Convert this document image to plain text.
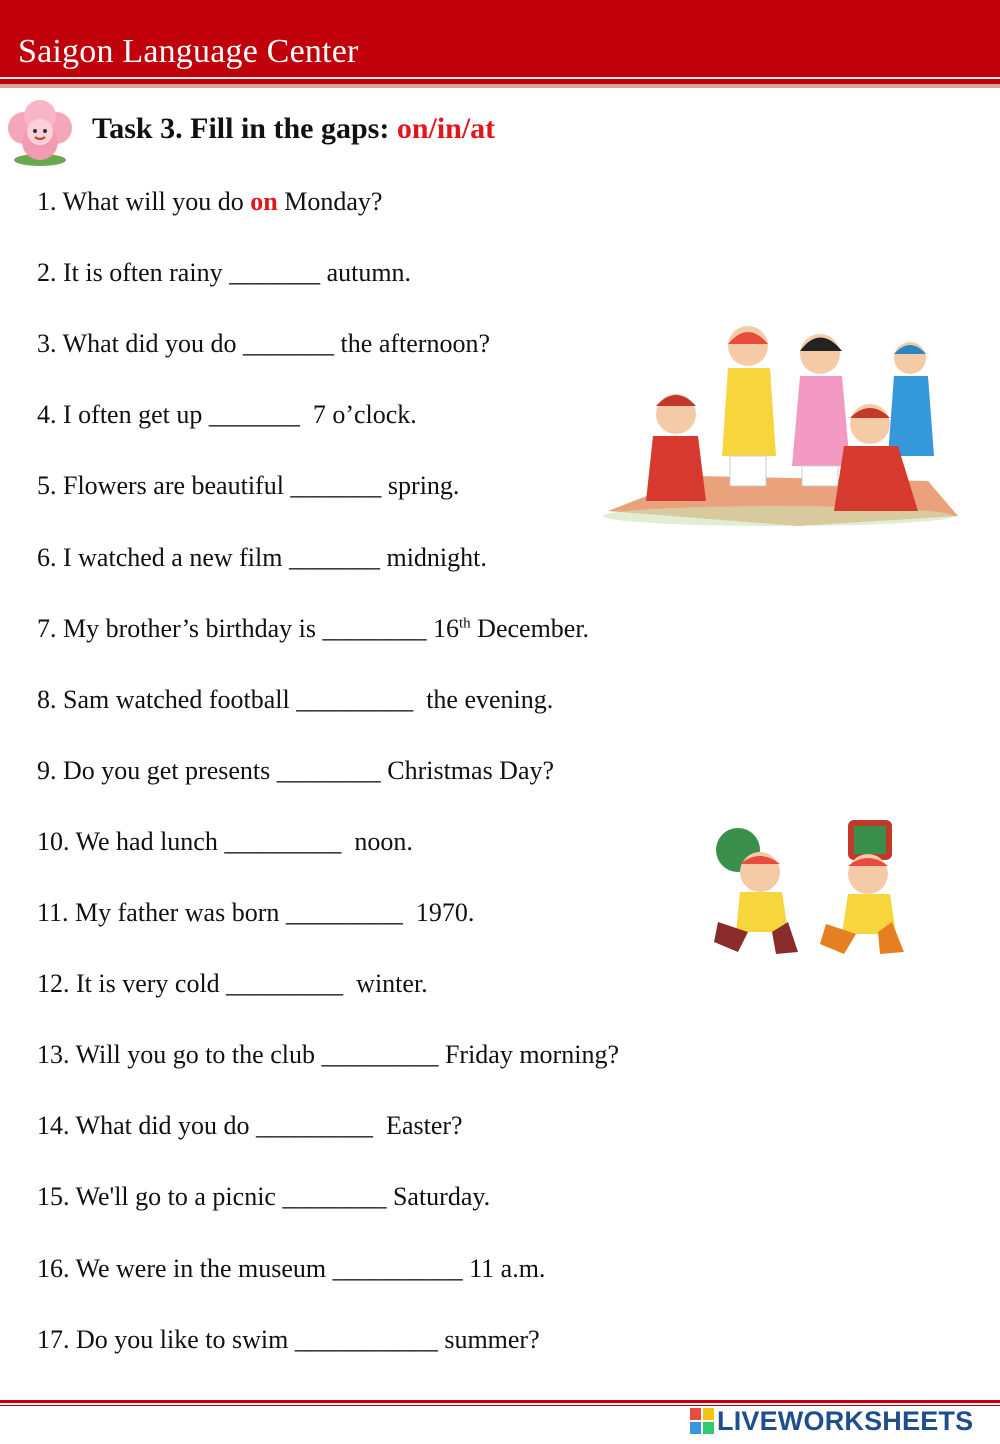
Saigon Language Center
Task 3. Fill in the gaps: on/in/at
1. What will you do on Monday?
2. It is often rainy _______ autumn.
3. What did you do _______ the afternoon?
4. I often get up _______  7 o’clock.
5. Flowers are beautiful _______ spring.
6. I watched a new film _______ midnight.
7. My brother’s birthday is ________ 16th December.
8. Sam watched football _________  the evening.
9. Do you get presents ________ Christmas Day?
10. We had lunch _________  noon.
11. My father was born _________  1970.
12. It is very cold _________  winter.
13. Will you go to the club _________ Friday morning?
14. What did you do _________  Easter?
15. We'll go to a picnic ________ Saturday.
16. We were in the museum __________ 11 a.m.
17. Do you like to swim ___________ summer?
LIVEWORKSHEETS
